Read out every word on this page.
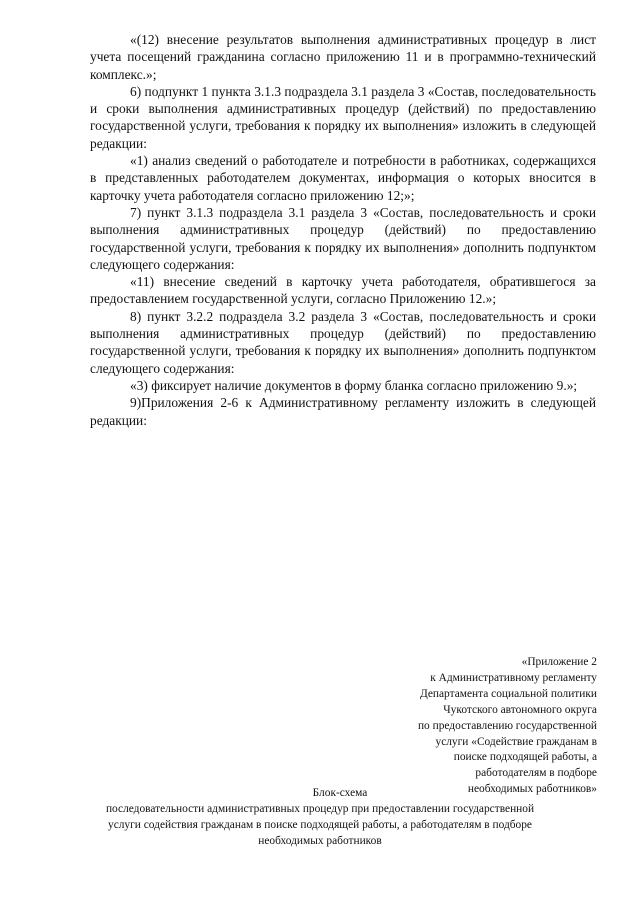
«(12) внесение результатов выполнения административных процедур в лист учета посещений гражданина согласно приложению 11 и в программно-технический комплекс.»;

6) подпункт 1 пункта 3.1.3 подраздела 3.1 раздела 3 «Состав, последовательность и сроки выполнения административных процедур (действий) по предоставлению государственной услуги, требования к порядку их выполнения» изложить в следующей редакции:

«1) анализ сведений о работодателе и потребности в работниках, содержащихся в представленных работодателем документах, информация о которых вносится в карточку учета работодателя согласно приложению 12;»;

7) пункт 3.1.3 подраздела 3.1 раздела 3 «Состав, последовательность и сроки выполнения административных процедур (действий) по предоставлению государственной услуги, требования к порядку их выполнения» дополнить подпунктом следующего содержания:

«11) внесение сведений в карточку учета работодателя, обратившегося за предоставлением государственной услуги, согласно Приложению 12.»;

8) пункт 3.2.2 подраздела 3.2 раздела 3 «Состав, последовательность и сроки выполнения административных процедур (действий) по предоставлению государственной услуги, требования к порядку их выполнения» дополнить подпунктом следующего содержания:

«3) фиксирует наличие документов в форму бланка согласно приложению 9.»;

9)Приложения 2-6 к Административному регламенту изложить в следующей редакции:

«Приложение 2
к Административному регламенту
Департамента социальной политики
Чукотского автономного округа
по предоставлению государственной
услуги «Содействие гражданам в
поиске подходящей работы, а
работодателям в подборе
необходимых работников»
Блок-схема
последовательности административных процедур при предоставлении государственной
услуги содействия гражданам в поиске подходящей работы, а работодателям в подборе
необходимых работников
